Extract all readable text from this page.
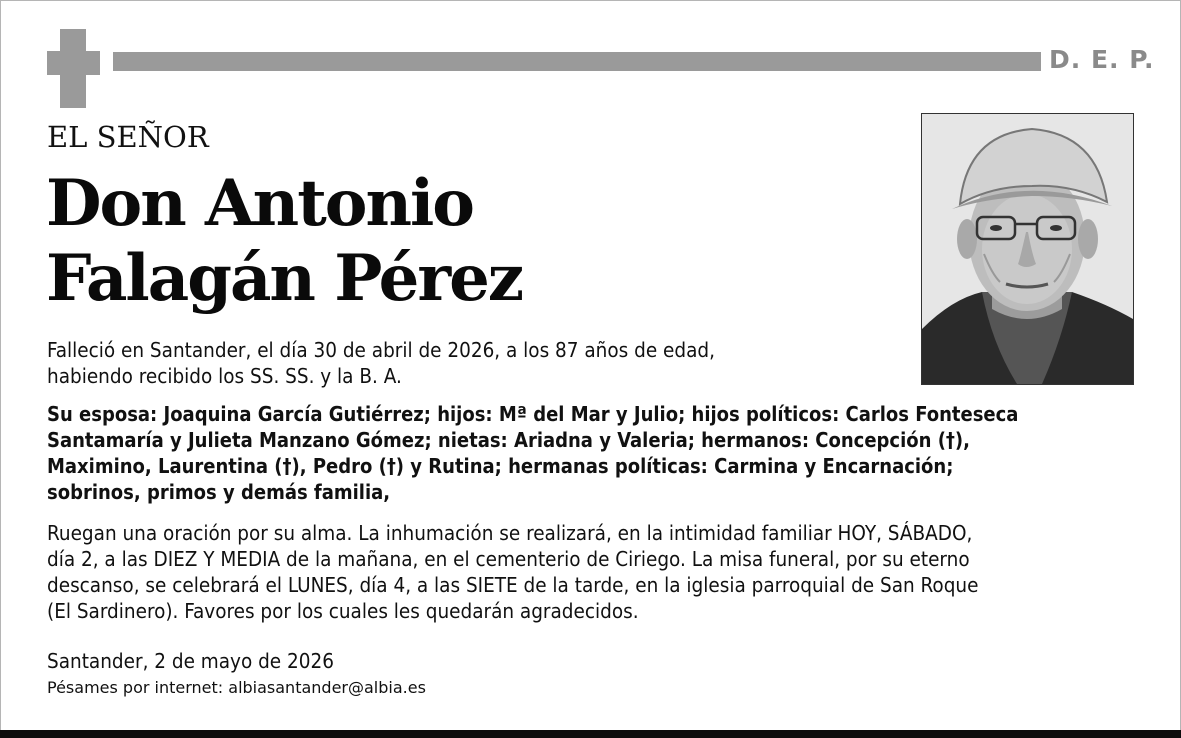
D. E. P.
EL SEÑOR
Don Antonio
Falagán Pérez
Falleció en Santander, el día 30 de abril de 2026, a los 87 años de edad,
habiendo recibido los SS. SS. y la B. A.
Su esposa: Joaquina García Gutiérrez; hijos: Mª del Mar y Julio; hijos políticos: Carlos Fonteseca
Santamaría y Julieta Manzano Gómez; nietas: Ariadna y Valeria; hermanos: Concepción (†),
Maximino, Laurentina (†), Pedro (†) y Rutina; hermanas políticas: Carmina y Encarnación;
sobrinos, primos y demás familia,
Ruegan una oración por su alma. La inhumación se realizará, en la intimidad familiar HOY, SÁBADO,
día 2, a las DIEZ Y MEDIA de la mañana, en el cementerio de Ciriego. La misa funeral, por su eterno
descanso, se celebrará el LUNES, día 4, a las SIETE de la tarde, en la iglesia parroquial de San Roque
(El Sardinero). Favores por los cuales les quedarán agradecidos.
Santander, 2 de mayo de 2026
Pésames por internet: albiasantander@albia.es
